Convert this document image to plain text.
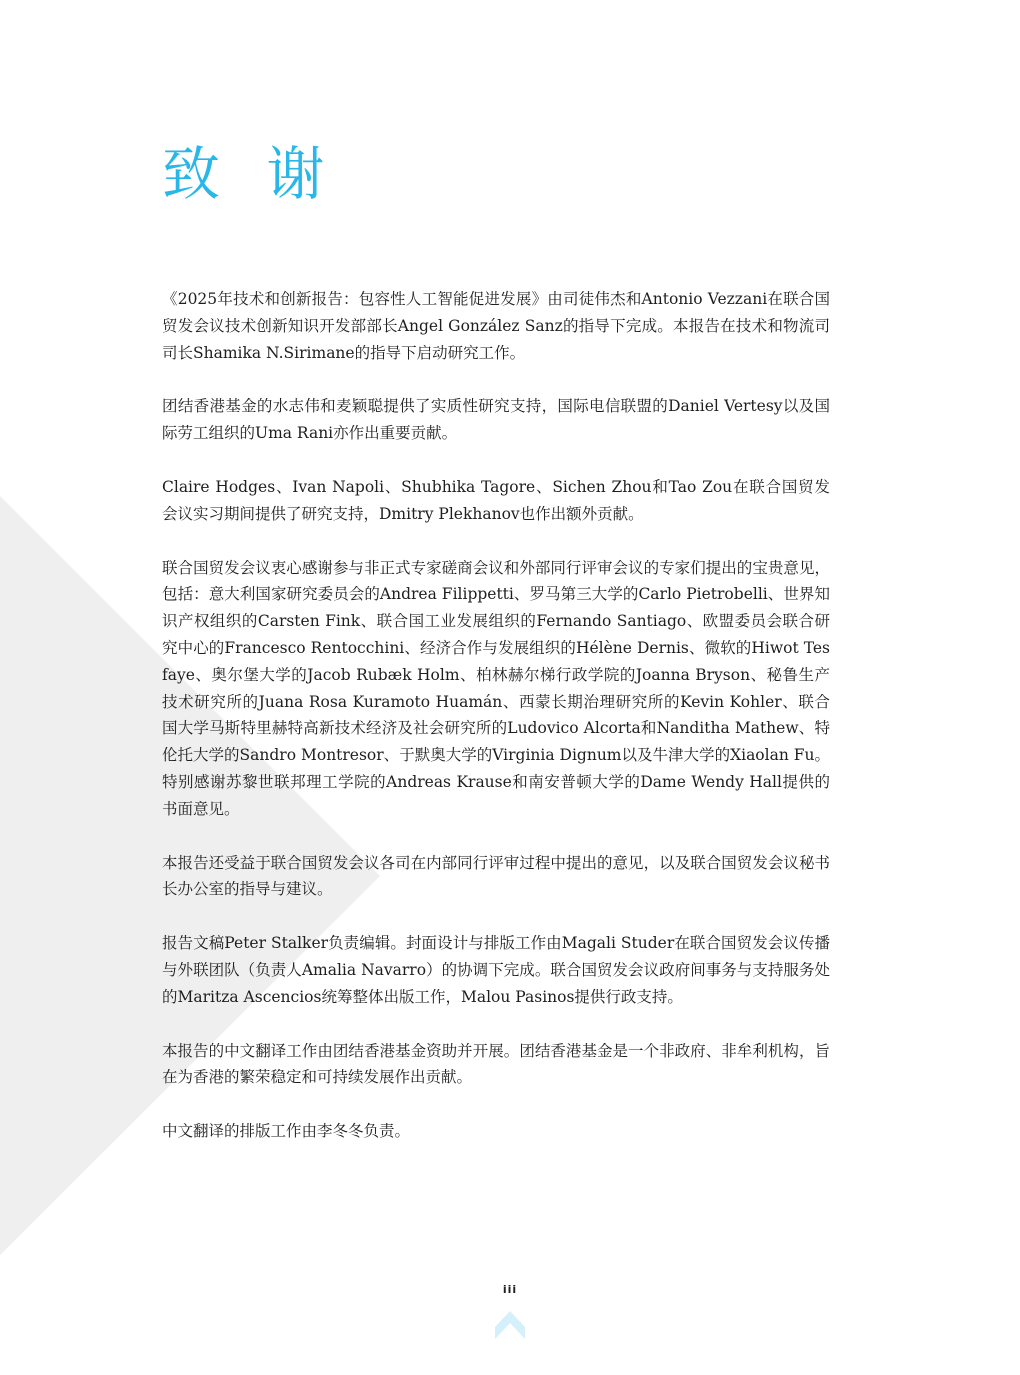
致 谢

《2025年技术和创新报告：包容性人工智能促进发展》由司徒伟杰和Antonio Vezzani在联合国贸发会议技术创新知识开发部部长Angel González Sanz的指导下完成。本报告在技术和物流司司长Shamika N.Sirimane的指导下启动研究工作。

团结香港基金的水志伟和麦颖聪提供了实质性研究支持，国际电信联盟的Daniel Vertesy以及国际劳工组织的Uma Rani亦作出重要贡献。

Claire Hodges、Ivan Napoli、Shubhika Tagore、Sichen Zhou和Tao Zou在联合国贸发会议实习期间提供了研究支持，Dmitry Plekhanov也作出额外贡献。

联合国贸发会议衷心感谢参与非正式专家磋商会议和外部同行评审会议的专家们提出的宝贵意见，包括：意大利国家研究委员会的Andrea Filippetti、罗马第三大学的Carlo Pietrobelli、世界知识产权组织的Carsten Fink、联合国工业发展组织的Fernando Santiago、欧盟委员会联合研究中心的Francesco Rentocchini、经济合作与发展组织的Hélène Dernis、微软的Hiwot Tesfaye、奥尔堡大学的Jacob Rubæk Holm、柏林赫尔梯行政学院的Joanna Bryson、秘鲁生产技术研究所的Juana Rosa Kuramoto Huamán、西蒙长期治理研究所的Kevin Kohler、联合国大学马斯特里赫特高新技术经济及社会研究所的Ludovico Alcorta和Nanditha Mathew、特伦托大学的Sandro Montresor、于默奥大学的Virginia Dignum以及牛津大学的Xiaolan Fu。特别感谢苏黎世联邦理工学院的Andreas Krause和南安普顿大学的Dame Wendy Hall提供的书面意见。

本报告还受益于联合国贸发会议各司在内部同行评审过程中提出的意见，以及联合国贸发会议秘书长办公室的指导与建议。

报告文稿Peter Stalker负责编辑。封面设计与排版工作由Magali Studer在联合国贸发会议传播与外联团队（负责人Amalia Navarro）的协调下完成。联合国贸发会议政府间事务与支持服务处的Maritza Ascencios统筹整体出版工作，Malou Pasinos提供行政支持。

本报告的中文翻译工作由团结香港基金资助并开展。团结香港基金是一个非政府、非牟利机构，旨在为香港的繁荣稳定和可持续发展作出贡献。

中文翻译的排版工作由李冬冬负责。

iii
